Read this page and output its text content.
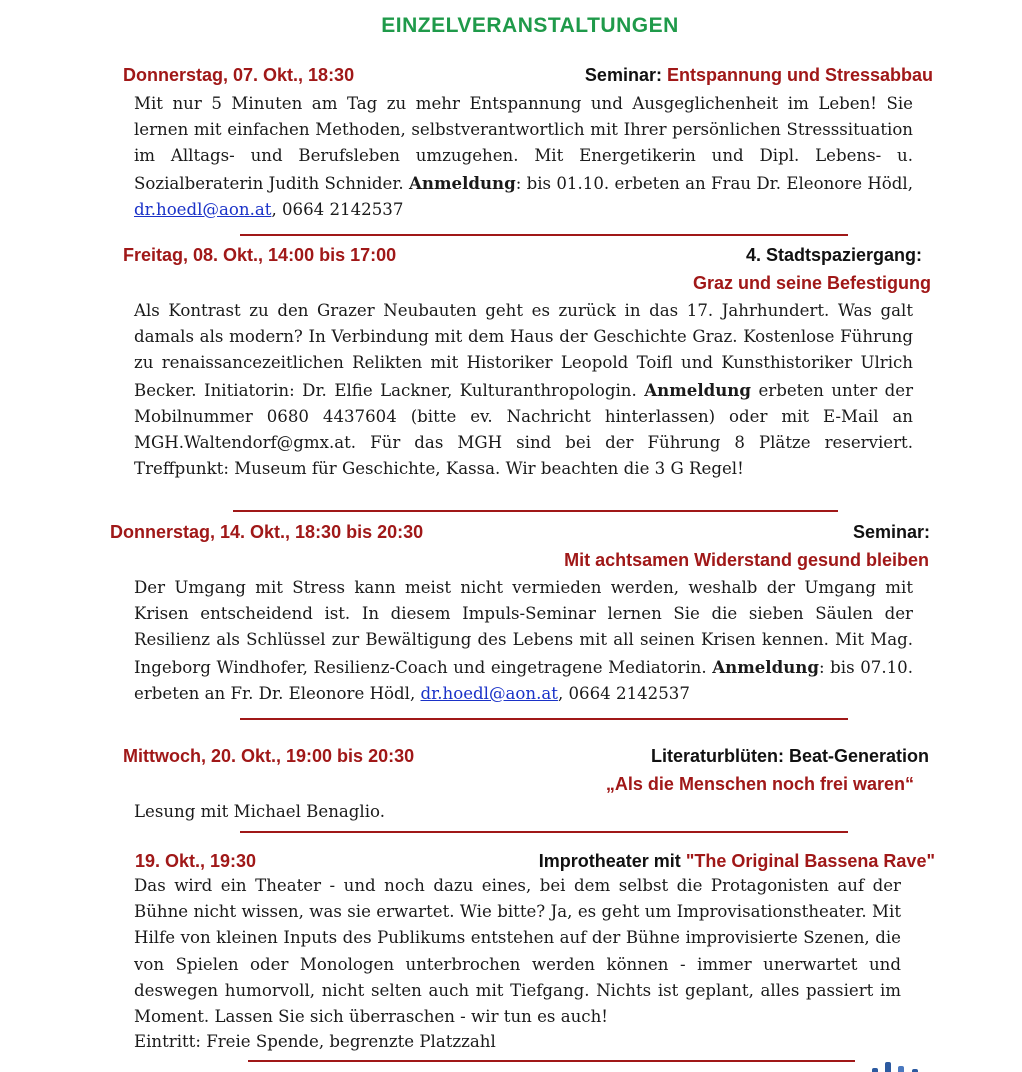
EINZELVERANSTALTUNGEN
Donnerstag, 07. Okt., 18:30	Seminar: Entspannung und Stressabbau
Mit nur 5 Minuten am Tag zu mehr Entspannung und Ausgeglichenheit im Leben! Sie lernen mit einfachen Methoden, selbstverantwortlich mit Ihrer persönlichen Stresssituation im Alltags- und Berufsleben umzugehen. Mit Energetikerin und Dipl. Lebens- u. Sozialberaterin Judith Schnider. Anmeldung: bis 01.10. erbeten an Frau Dr. Eleonore Hödl, dr.hoedl@aon.at, 0664 2142537
Freitag, 08. Okt., 14:00 bis 17:00	4. Stadtspaziergang:
Graz und seine Befestigung
Als Kontrast zu den Grazer Neubauten geht es zurück in das 17. Jahrhundert. Was galt damals als modern? In Verbindung mit dem Haus der Geschichte Graz. Kostenlose Führung zu renaissancezeitlichen Relikten mit Historiker Leopold Toifl und Kunsthistoriker Ulrich Becker. Initiatorin: Dr. Elfie Lackner, Kulturanthropologin. Anmeldung erbeten unter der Mobilnummer 0680 4437604 (bitte ev. Nachricht hinterlassen) oder mit E-Mail an MGH.Waltendorf@gmx.at. Für das MGH sind bei der Führung 8 Plätze reserviert. Treffpunkt: Museum für Geschichte, Kassa. Wir beachten die 3 G Regel!
Donnerstag, 14. Okt., 18:30 bis 20:30	Seminar:
Mit achtsamen Widerstand gesund bleiben
Der Umgang mit Stress kann meist nicht vermieden werden, weshalb der Umgang mit Krisen entscheidend ist. In diesem Impuls-Seminar lernen Sie die sieben Säulen der Resilienz als Schlüssel zur Bewältigung des Lebens mit all seinen Krisen kennen. Mit Mag. Ingeborg Windhofer, Resilienz-Coach und eingetragene Mediatorin. Anmeldung: bis 07.10. erbeten an Fr. Dr. Eleonore Hödl, dr.hoedl@aon.at, 0664 2142537
Mittwoch, 20. Okt., 19:00 bis 20:30	Literaturblüten: Beat-Generation
„Als die Menschen noch frei waren“
Lesung mit Michael Benaglio.
19. Okt., 19:30	Improtheater mit "The Original Bassena Rave"
Das wird ein Theater - und noch dazu eines, bei dem selbst die Protagonisten auf der Bühne nicht wissen, was sie erwartet. Wie bitte? Ja, es geht um Improvisationstheater. Mit Hilfe von kleinen Inputs des Publikums entstehen auf der Bühne improvisierte Szenen, die von Spielen oder Monologen unterbrochen werden können - immer unerwartet und deswegen humorvoll, nicht selten auch mit Tiefgang. Nichts ist geplant, alles passiert im Moment. Lassen Sie sich überraschen - wir tun es auch!
Eintritt: Freie Spende, begrenzte Platzzahl
